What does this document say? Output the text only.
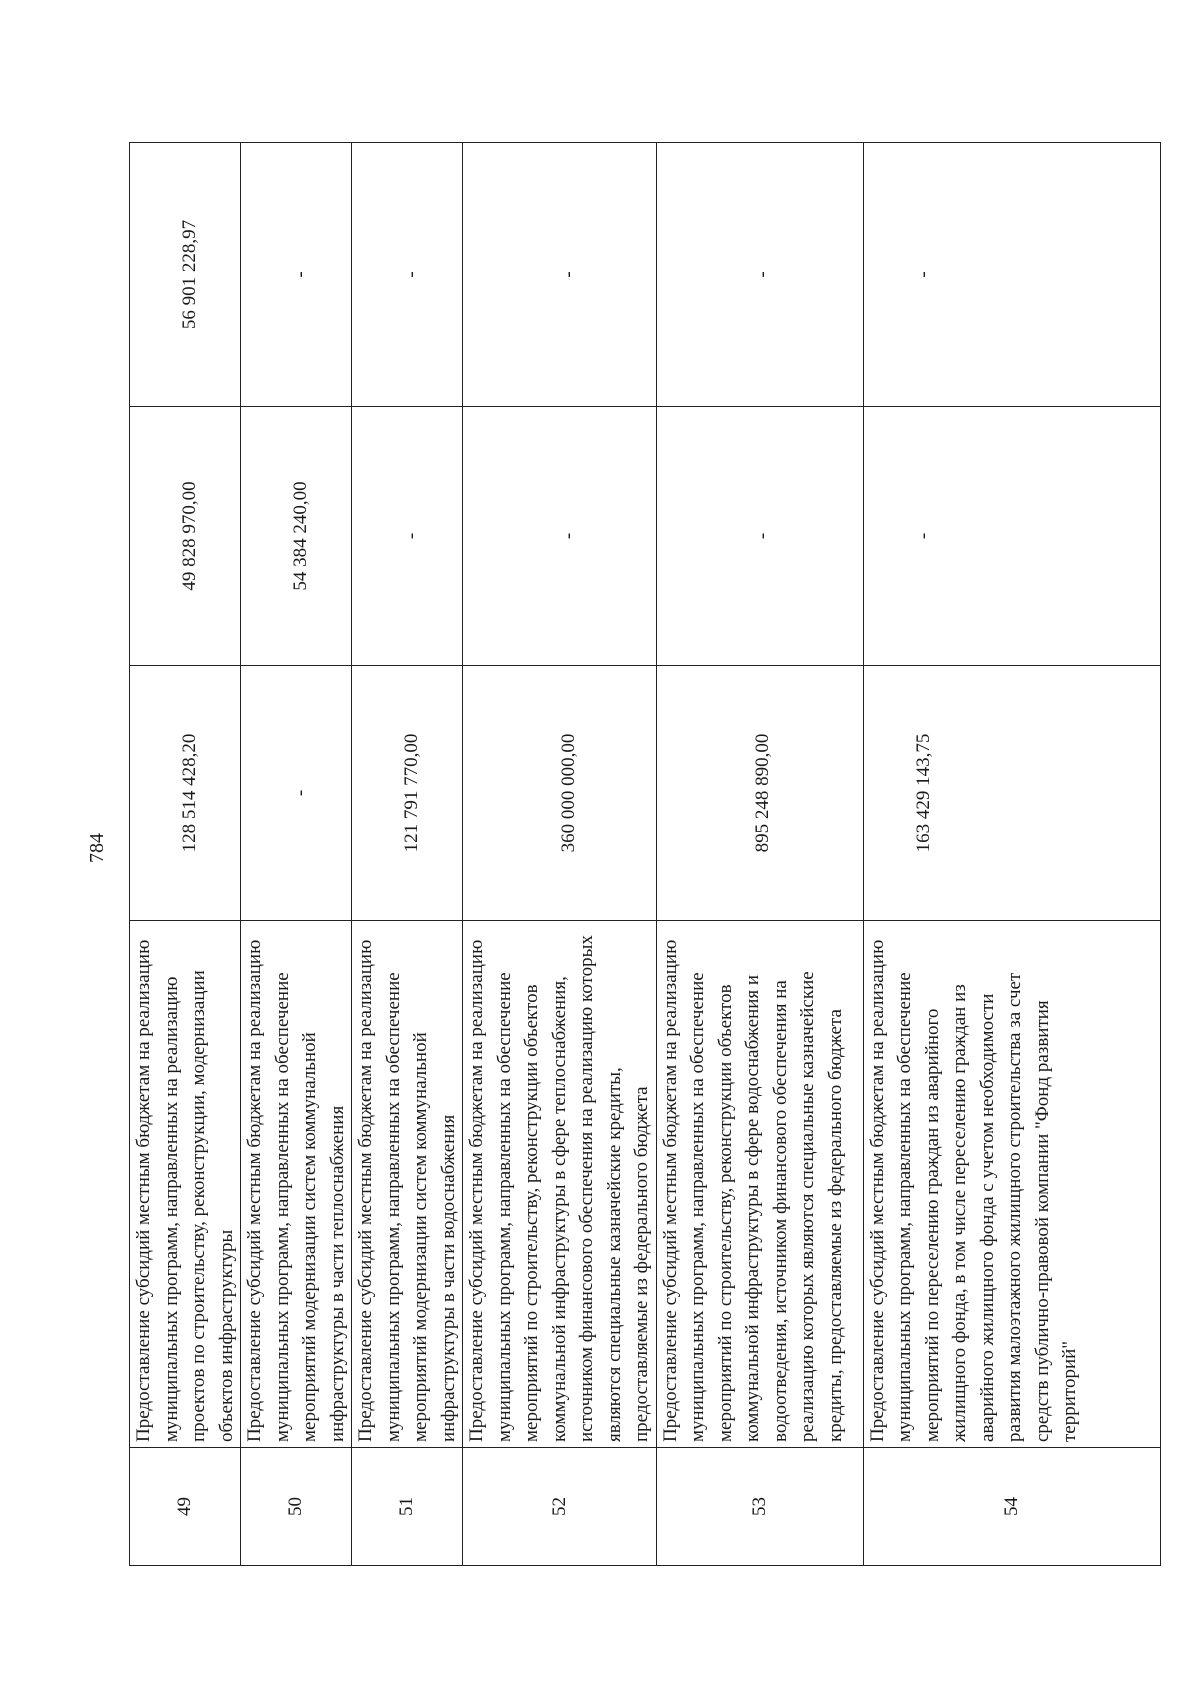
784
49	Предоставление субсидий местным бюджетам на реализацию муниципальных программ, направленных на реализацию проектов по строительству, реконструкции, модернизации объектов инфраструктуры	128 514 428,20	49 828 970,00	56 901 228,97
50	Предоставление субсидий местным бюджетам на реализацию муниципальных программ, направленных на обеспечение мероприятий модернизации систем коммунальной инфраструктуры в части теплоснабжения	-	54 384 240,00	-
51	Предоставление субсидий местным бюджетам на реализацию муниципальных программ, направленных на обеспечение мероприятий модернизации систем коммунальной инфраструктуры в части водоснабжения	121 791 770,00	-	-
52	Предоставление субсидий местным бюджетам на реализацию муниципальных программ, направленных на обеспечение мероприятий по строительству, реконструкции объектов коммунальной инфраструктуры в сфере теплоснабжения, источником финансового обеспечения на реализацию которых являются специальные казначейские кредиты, предоставляемые из федерального бюджета	360 000 000,00	-	-
53	Предоставление субсидий местным бюджетам на реализацию муниципальных программ, направленных на обеспечение мероприятий по строительству, реконструкции объектов коммунальной инфраструктуры в сфере водоснабжения и водоотведения, источником финансового обеспечения на реализацию которых являются специальные казначейские кредиты, предоставляемые из федерального бюджета	895 248 890,00	-	-
54	Предоставление субсидий местным бюджетам на реализацию муниципальных программ, направленных на обеспечение мероприятий по переселению граждан из аварийного жилищного фонда, в том числе переселению граждан из аварийного жилищного фонда с учетом необходимости развития малоэтажного жилищного строительства за счет средств публично-правовой компании "Фонд развития территорий"	163 429 143,75	-	-
